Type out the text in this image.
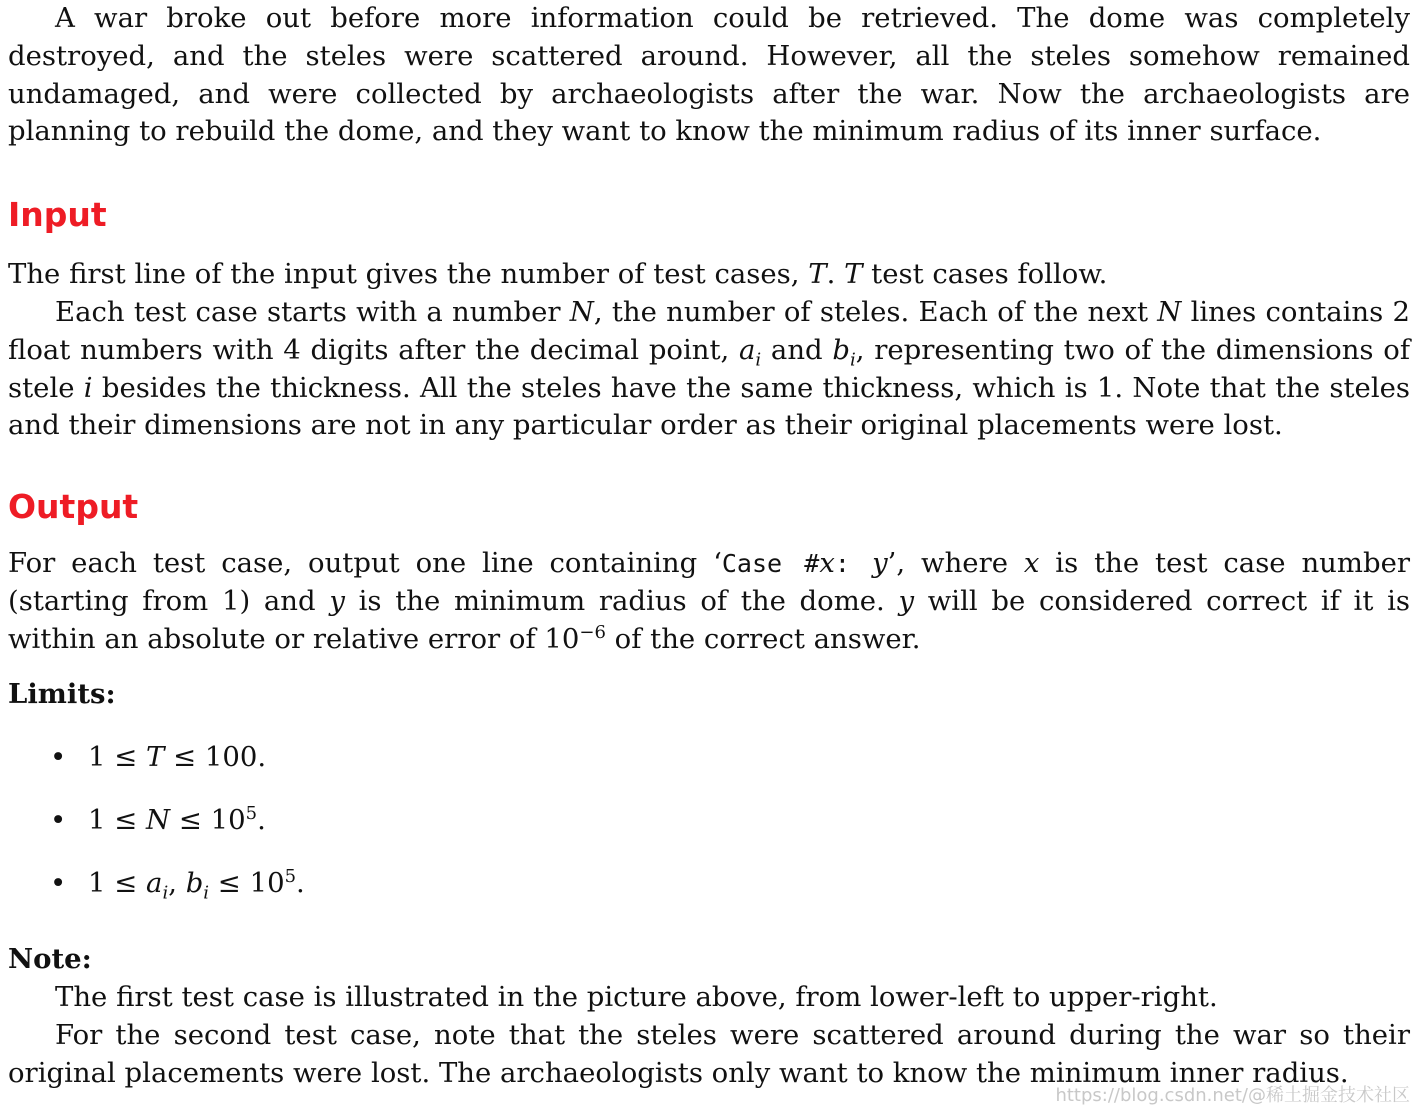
A war broke out before more information could be retrieved. The dome was completely destroyed, and the steles were scattered around. However, all the steles somehow remained undamaged, and were collected by archaeologists after the war. Now the archaeologists are planning to rebuild the dome, and they want to know the minimum radius of its inner surface.

Input

The first line of the input gives the number of test cases, T. T test cases follow.

Each test case starts with a number N, the number of steles. Each of the next N lines contains 2 float numbers with 4 digits after the decimal point, $a_i$ and $b_i$, representing two of the dimensions of stele i besides the thickness. All the steles have the same thickness, which is 1. Note that the steles and their dimensions are not in any particular order as their original placements were lost.

Output

For each test case, output one line containing ‘Case #x: y’, where x is the test case number (starting from 1) and y is the minimum radius of the dome. y will be considered correct if it is within an absolute or relative error of $10^{-6}$ of the correct answer.

Limits:

• 1 ≤ T ≤ 100.
• $1 \le N \le 10^5$.
• $1 \le a_i$, $b_i \le 10^5$.

Note:

The first test case is illustrated in the picture above, from lower-left to upper-right.

For the second test case, note that the steles were scattered around during the war so their original placements were lost. The archaeologists only want to know the minimum inner radius.

https://blog.csdn.net/@稀土掘金技术社区
